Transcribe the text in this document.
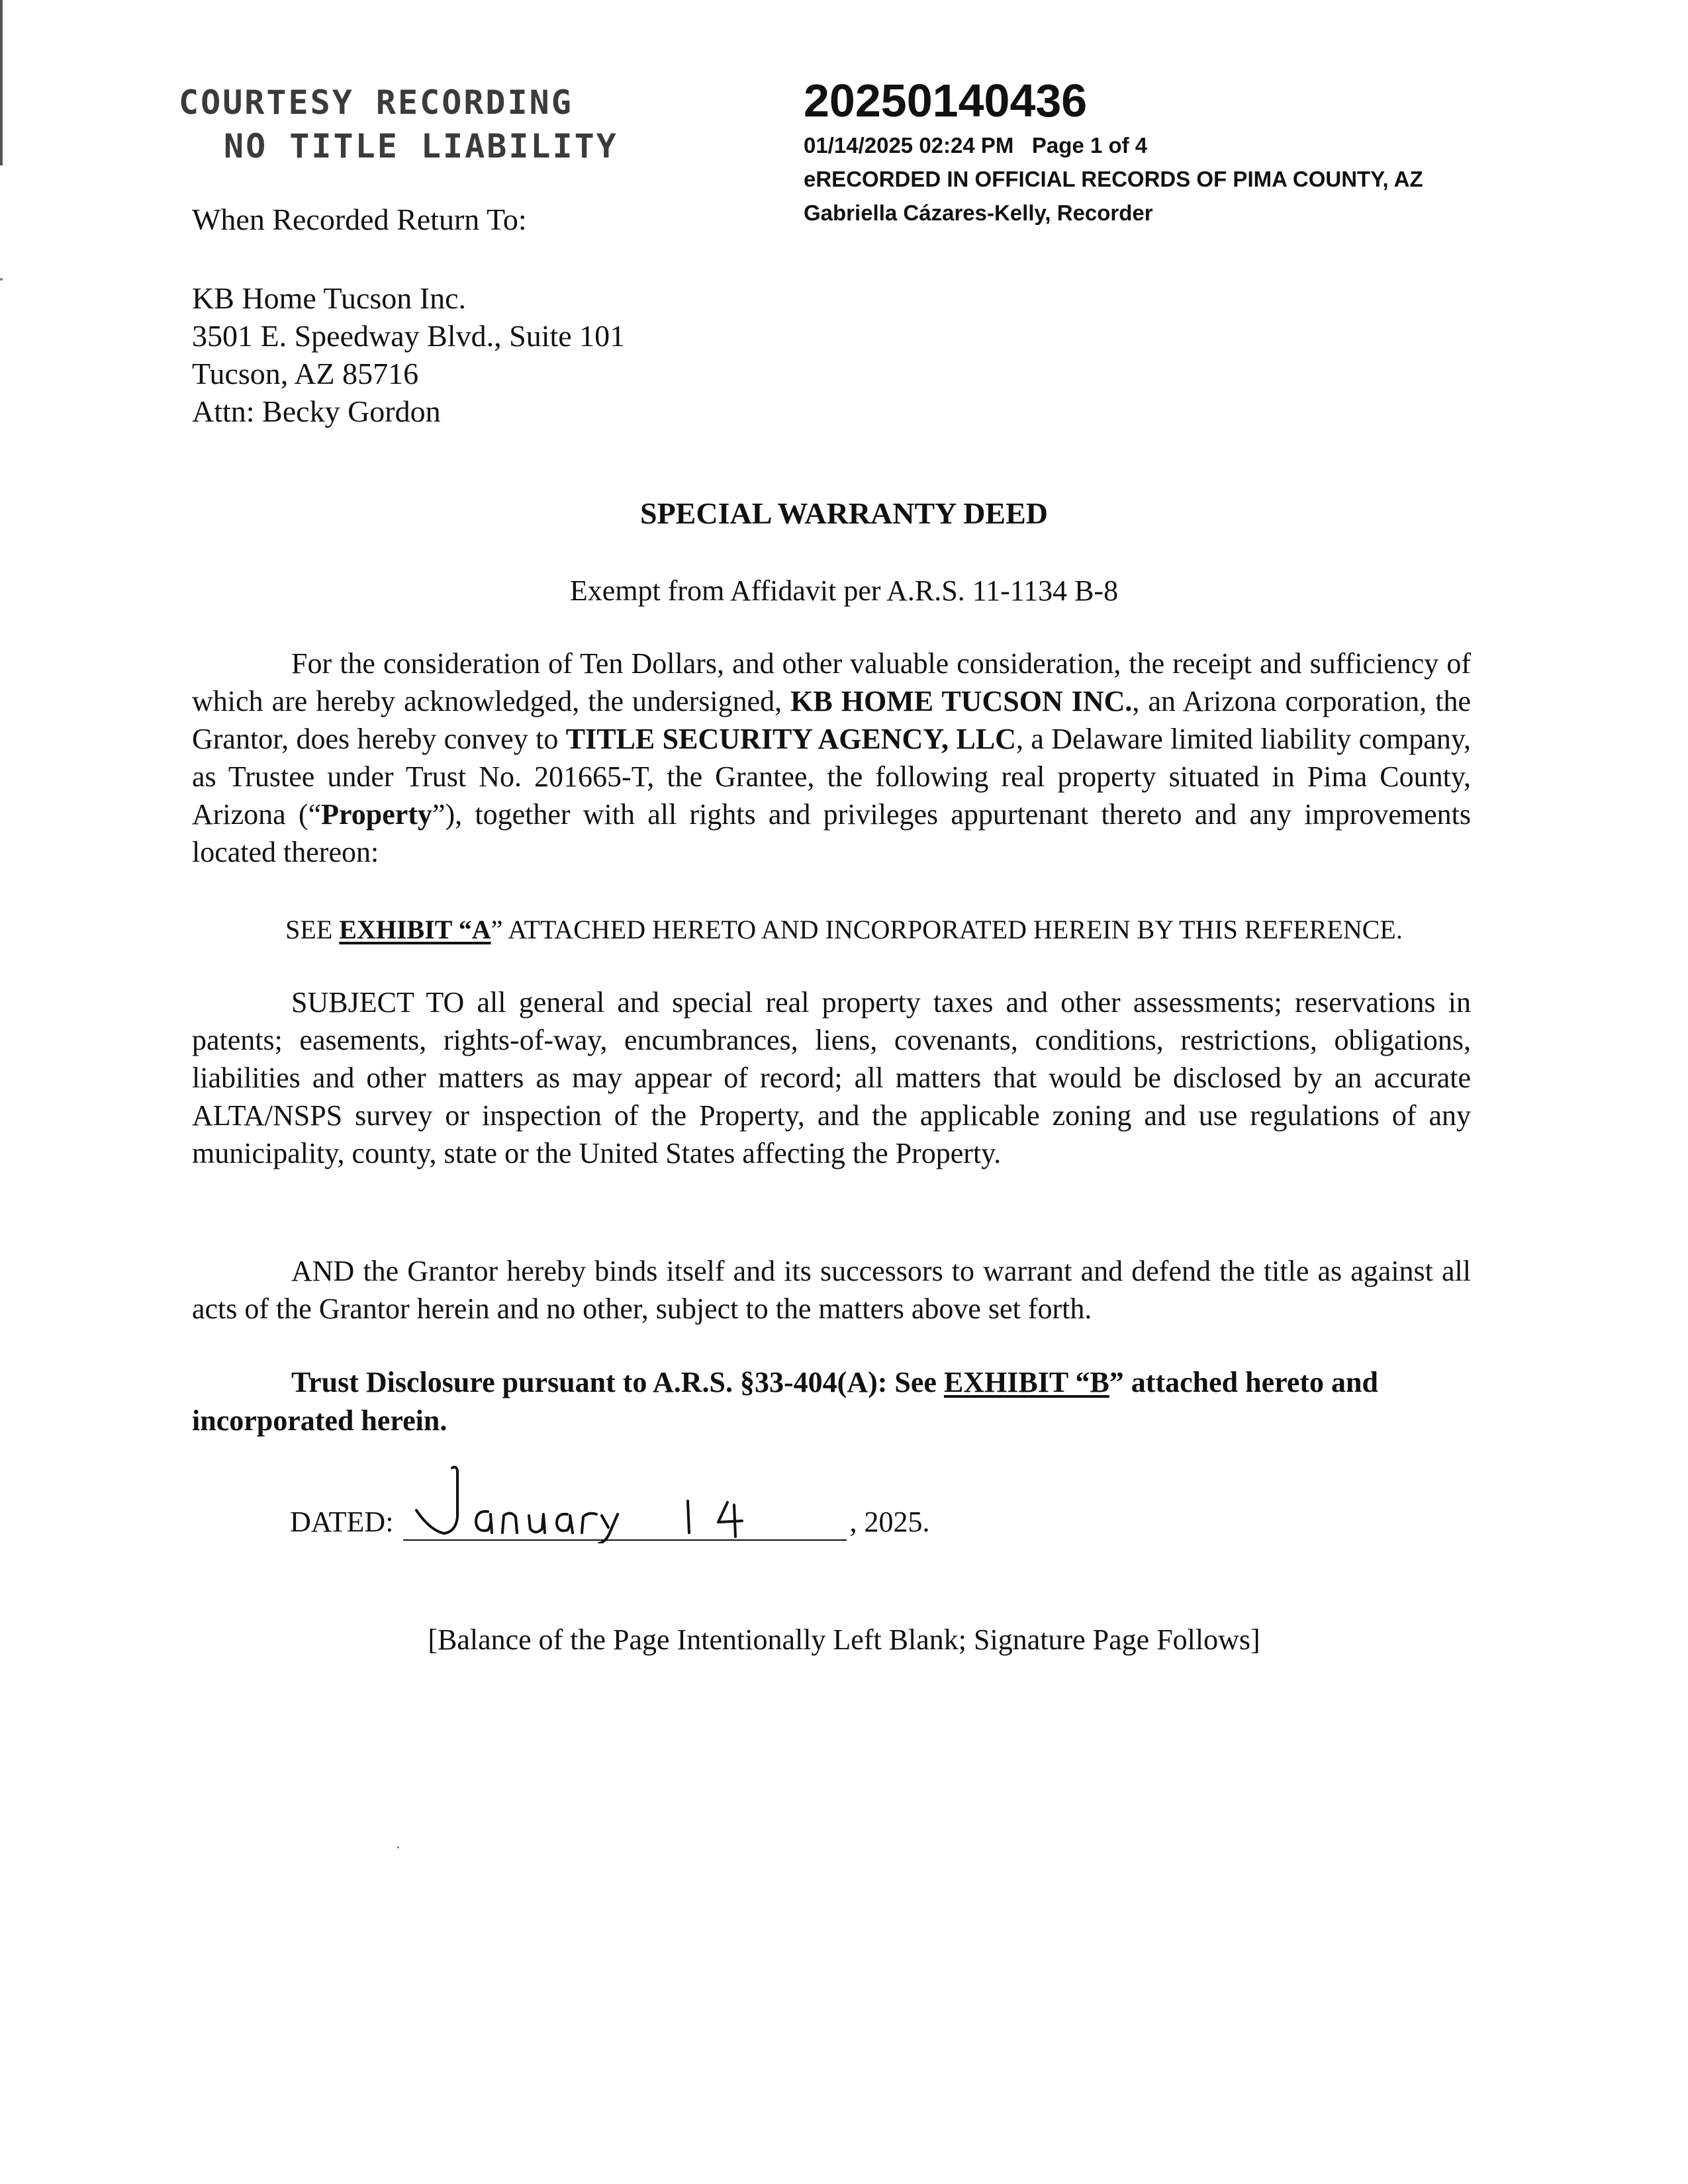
COURTESY RECORDING
NO TITLE LIABILITY
When Recorded Return To:
KB Home Tucson Inc.
3501 E. Speedway Blvd., Suite 101
Tucson, AZ 85716
Attn: Becky Gordon
20250140436
01/14/2025 02:24 PM Page 1 of 4
eRECORDED IN OFFICIAL RECORDS OF PIMA COUNTY, AZ
Gabriella Cázares-Kelly, Recorder
SPECIAL WARRANTY DEED
Exempt from Affidavit per A.R.S. 11-1134 B-8
For the consideration of Ten Dollars, and other valuable consideration, the receipt and sufficiency of which are hereby acknowledged, the undersigned, KB HOME TUCSON INC., an Arizona corporation, the Grantor, does hereby convey to TITLE SECURITY AGENCY, LLC, a Delaware limited liability company, as Trustee under Trust No. 201665-T, the Grantee, the following real property situated in Pima County, Arizona (“Property”), together with all rights and privileges appurtenant thereto and any improvements located thereon:
SEE EXHIBIT “A” ATTACHED HERETO AND INCORPORATED HEREIN BY THIS REFERENCE.
SUBJECT TO all general and special real property taxes and other assessments; reservations in patents; easements, rights-of-way, encumbrances, liens, covenants, conditions, restrictions, obligations, liabilities and other matters as may appear of record; all matters that would be disclosed by an accurate ALTA/NSPS survey or inspection of the Property, and the applicable zoning and use regulations of any municipality, county, state or the United States affecting the Property.
AND the Grantor hereby binds itself and its successors to warrant and defend the title as against all acts of the Grantor herein and no other, subject to the matters above set forth.
Trust Disclosure pursuant to A.R.S. §33-404(A): See EXHIBIT “B” attached hereto and incorporated herein.
DATED:	, 2025.
[Balance of the Page Intentionally Left Blank; Signature Page Follows]
